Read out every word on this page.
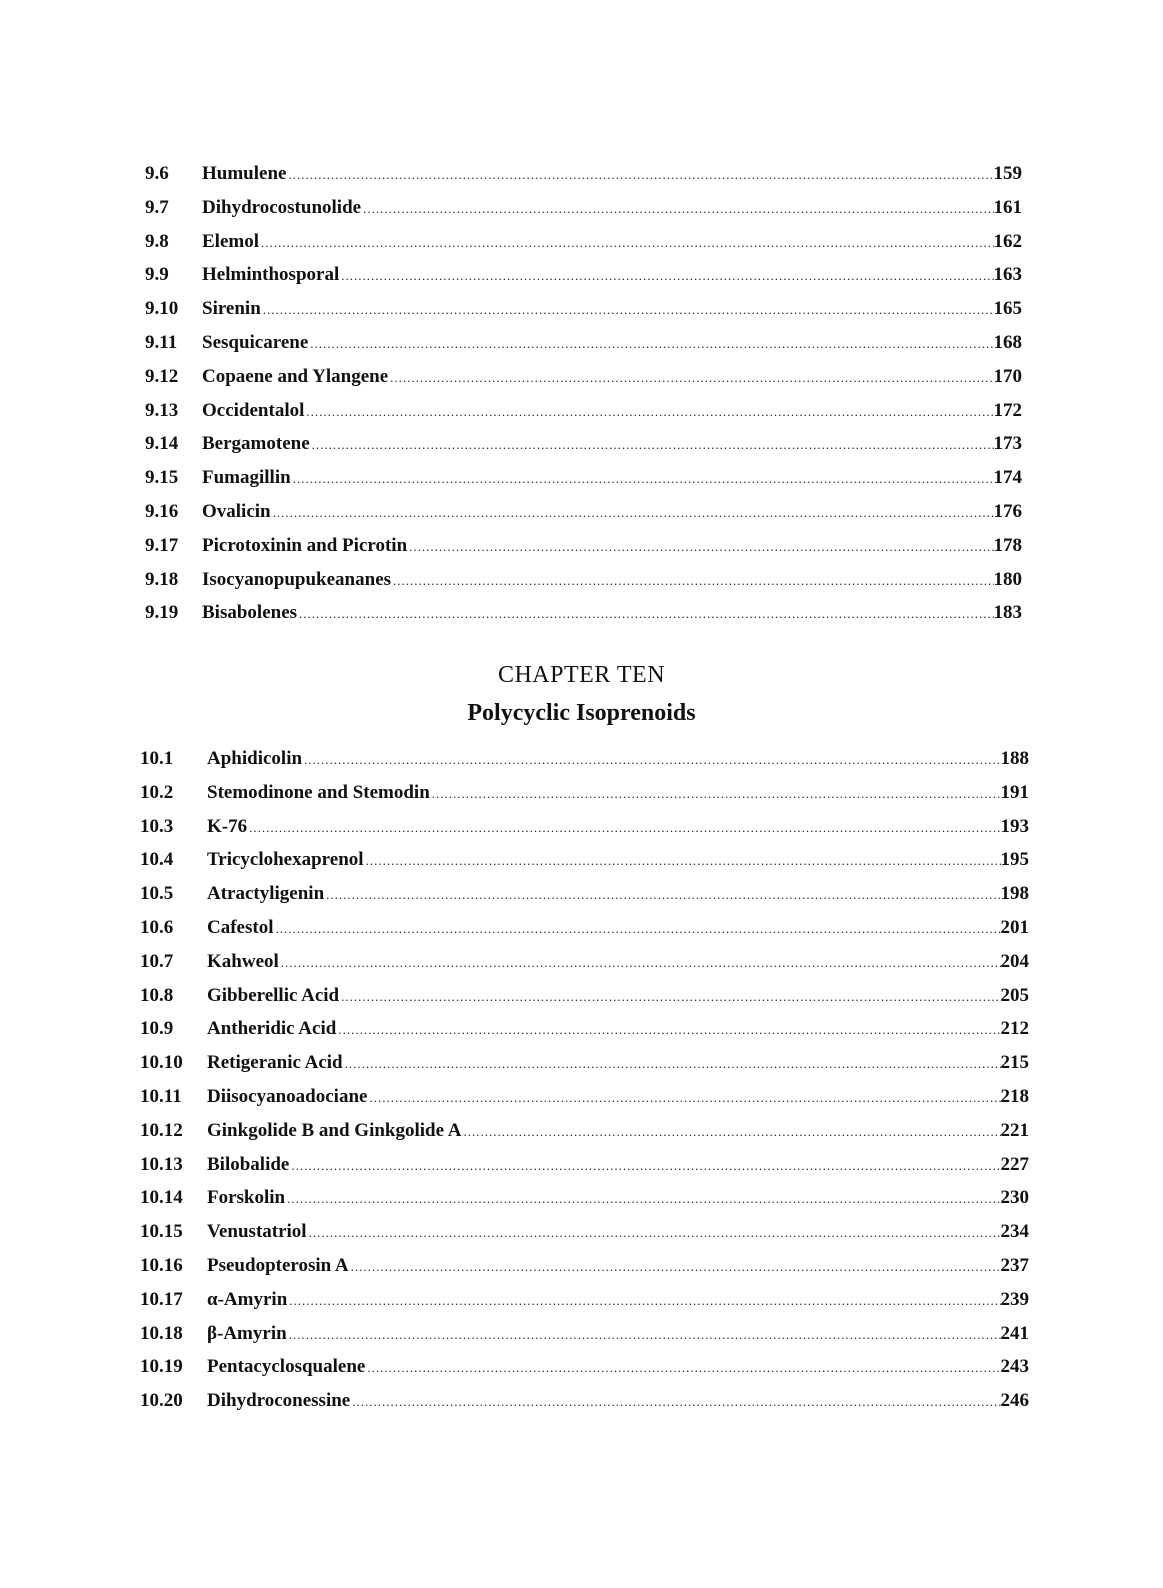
9.6	Humulene .....	159
9.7	Dihydrocostunolide .....	161
9.8	Elemol .....	162
9.9	Helminthosporal .....	163
9.10	Sirenin .....	165
9.11	Sesquicarene .....	168
9.12	Copaene and Ylangene .....	170
9.13	Occidentalol .....	172
9.14	Bergamotene .....	173
9.15	Fumagillin .....	174
9.16	Ovalicin .....	176
9.17	Picrotoxinin and Picrotin .....	178
9.18	Isocyanopupukeananes .....	180
9.19	Bisabolenes .....	183
CHAPTER TEN
Polycyclic Isoprenoids
10.1	Aphidicolin .....	188
10.2	Stemodinone and Stemodin .....	191
10.3	K-76 .....	193
10.4	Tricyclohexaprenol .....	195
10.5	Atractyligenin .....	198
10.6	Cafestol .....	201
10.7	Kahweol .....	204
10.8	Gibberellic Acid .....	205
10.9	Antheridic Acid .....	212
10.10	Retigeranic Acid .....	215
10.11	Diisocyanoadociane .....	218
10.12	Ginkgolide B and Ginkgolide A .....	221
10.13	Bilobalide .....	227
10.14	Forskolin .....	230
10.15	Venustatriol .....	234
10.16	Pseudopterosin A .....	237
10.17	α-Amyrin .....	239
10.18	β-Amyrin .....	241
10.19	Pentacyclosqualene .....	243
10.20	Dihydroconessine .....	246
